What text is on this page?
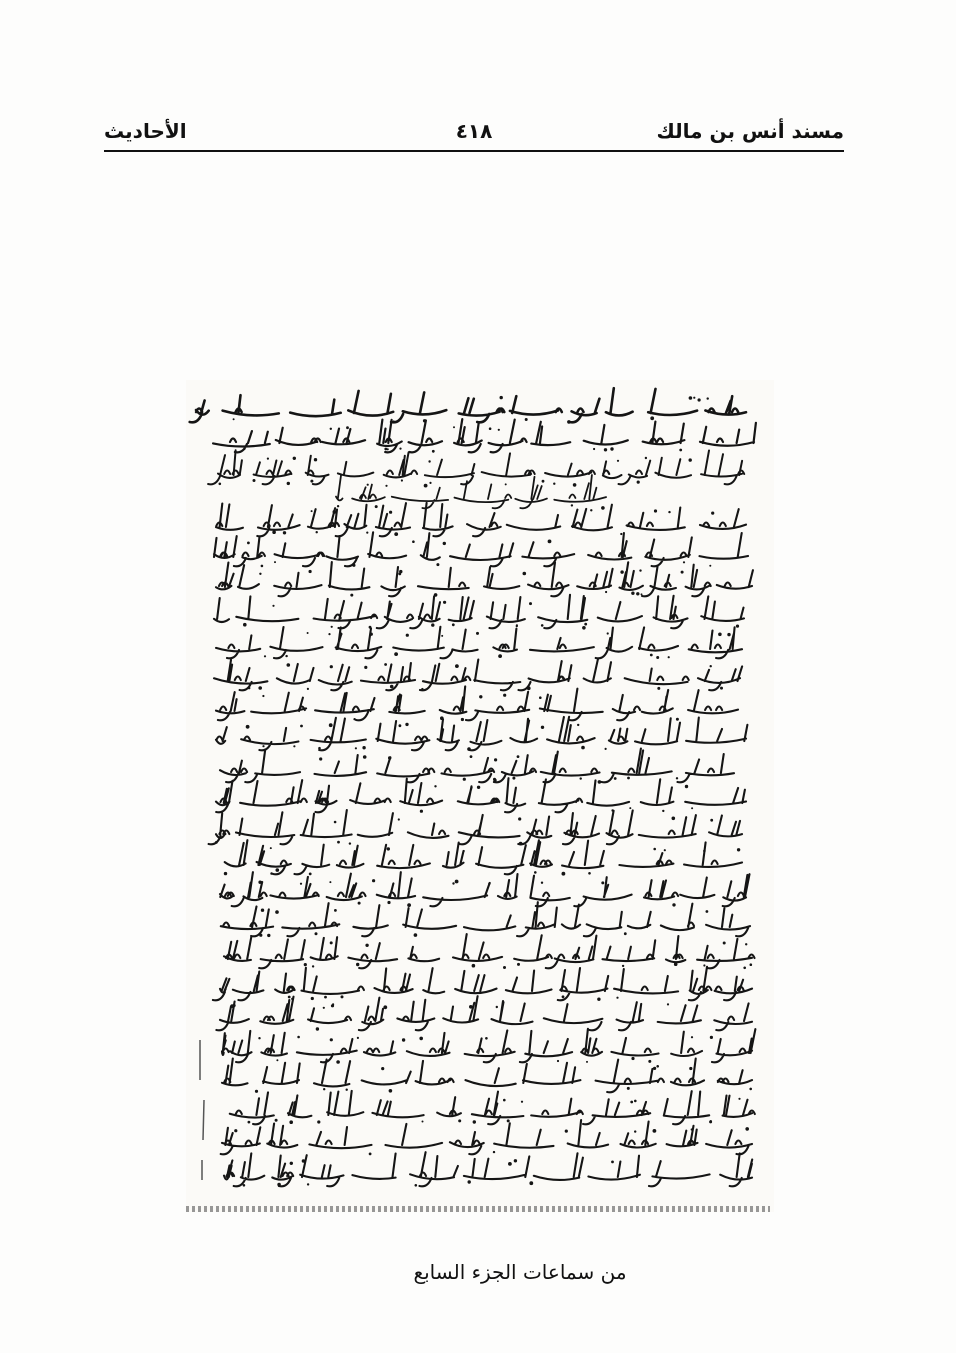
مسند أنس بن مالك
٤١٨
الأحاديث
من سماعات الجزء السابع
